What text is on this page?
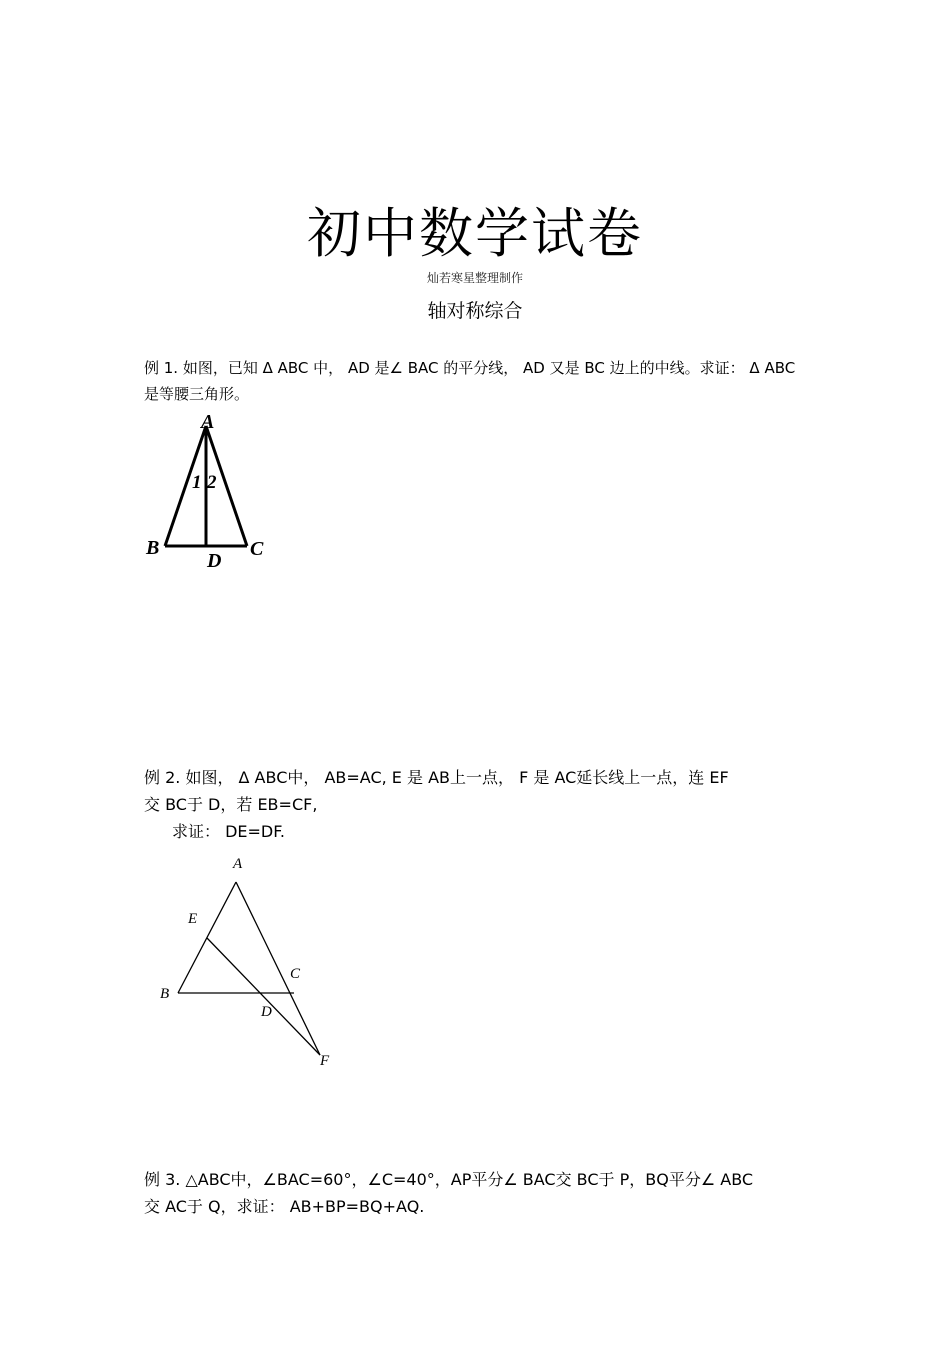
初中数学试卷
灿若寒星整理制作
轴对称综合
例 1. 如图，已知 Δ ABC 中， AD 是∠ BAC 的平分线， AD 又是 BC 边上的中线。求证： Δ ABC
是等腰三角形。
A
B	C
D
1 2
例 2. 如图， Δ ABC中， AB=AC, E 是 AB上一点， F 是 AC延长线上一点，连 EF
交 BC于 D，若 EB=CF,
求证： DE=DF.
A
E
B
C
D
F
例 3. △ABC中，∠BAC=60°，∠C=40°，AP平分∠ BAC交 BC于 P，BQ平分∠ ABC
交 AC于 Q，求证： AB+BP=BQ+AQ.
